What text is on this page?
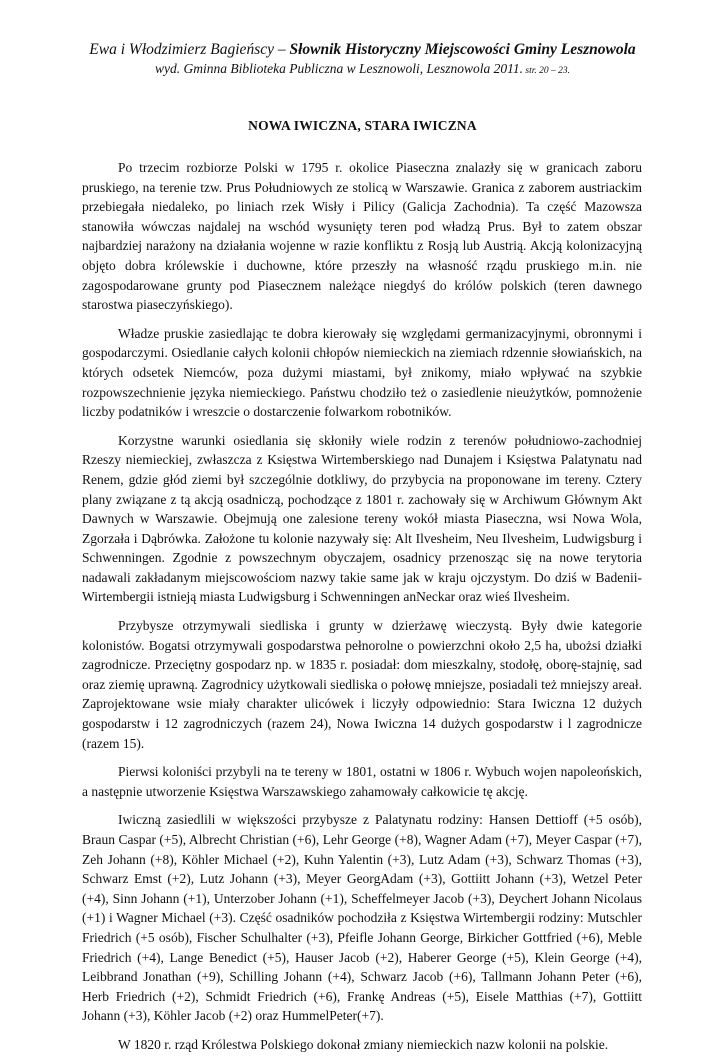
Ewa i Włodzimierz Bagieńscy – Słownik Historyczny Miejscowości Gminy Lesznowola
wyd. Gminna Biblioteka Publiczna w Lesznowoli, Lesznowola 2011. str. 20 – 23.
NOWA IWICZNA, STARA IWICZNA

Po trzecim rozbiorze Polski w 1795 r. okolice Piaseczna znalazły się w granicach zaboru pruskiego, na terenie tzw. Prus Południowych ze stolicą w Warszawie. Granica z zaborem austriackim przebiegała niedaleko, po liniach rzek Wisły i Pilicy (Galicja Zachodnia). Ta część Mazowsza stanowiła wówczas najdalej na wschód wysunięty teren pod władzą Prus. Był to zatem obszar najbardziej narażony na działania wojenne w razie konfliktu z Rosją lub Austrią. Akcją kolonizacyjną objęto dobra królewskie i duchowne, które przeszły na własność rządu pruskiego m.in. nie zagospodarowane grunty pod Piasecznem należące niegdyś do królów polskich (teren dawnego starostwa piaseczyńskiego).

Władze pruskie zasiedlając te dobra kierowały się względami germanizacyjnymi, obronnymi i gospodarczymi. Osiedlanie całych kolonii chłopów niemieckich na ziemiach rdzennie słowiańskich, na których odsetek Niemców, poza dużymi miastami, był znikomy, miało wpływać na szybkie rozpowszechnienie języka niemieckiego. Państwu chodziło też o zasiedlenie nieużytków, pomnożenie liczby podatników i wreszcie o dostarczenie folwarkom robotników.

Korzystne warunki osiedlania się skłoniły wiele rodzin z terenów południowo-zachodniej Rzeszy niemieckiej, zwłaszcza z Księstwa Wirtemberskiego nad Dunajem i Księstwa Palatynatu nad Renem, gdzie głód ziemi był szczególnie dotkliwy, do przybycia na proponowane im tereny. Cztery plany związane z tą akcją osadniczą, pochodzące z 1801 r. zachowały się w Archiwum Głównym Akt Dawnych w Warszawie. Obejmują one zalesione tereny wokół miasta Piaseczna, wsi Nowa Wola, Zgorzała i Dąbrówka. Założone tu kolonie nazywały się: Alt Ilvesheim, Neu Ilvesheim, Ludwigsburg i Schwenningen. Zgodnie z powszechnym obyczajem, osadnicy przenosząc się na nowe terytoria nadawali zakładanym miejscowościom nazwy takie same jak w kraju ojczystym. Do dziś w Badenii-Wirtembergii istnieją miasta Ludwigsburg i Schwenningen anNeckar oraz wieś Ilvesheim.

Przybysze otrzymywali siedliska i grunty w dzierżawę wieczystą. Były dwie kategorie kolonistów. Bogatsi otrzymywali gospodarstwa pełnorolne o powierzchni około 2,5 ha, ubożsi działki zagrodnicze. Przeciętny gospodarz np. w 1835 r. posiadał: dom mieszkalny, stodołę, oborę-stajnię, sad oraz ziemię uprawną. Zagrodnicy użytkowali siedliska o połowę mniejsze, posiadali też mniejszy areał. Zaprojektowane wsie miały charakter ulicówek i liczyły odpowiednio: Stara Iwiczna 12 dużych gospodarstw i 12 zagrodniczych (razem 24), Nowa Iwiczna 14 dużych gospodarstw i l zagrodnicze (razem 15).

Pierwsi koloniści przybyli na te tereny w 1801, ostatni w 1806 r. Wybuch wojen napoleońskich, a następnie utworzenie Księstwa Warszawskiego zahamowały całkowicie tę akcję.

Iwiczną zasiedlili w większości przybysze z Palatynatu rodziny: Hansen Dettioff (+5 osób), Braun Caspar (+5), Albrecht Christian (+6), Lehr George (+8), Wagner Adam (+7), Meyer Caspar (+7), Zeh Johann (+8), Köhler Michael (+2), Kuhn Yalentin (+3), Lutz Adam (+3), Schwarz Thomas (+3), Schwarz Emst (+2), Lutz Johann (+3), Meyer GeorgAdam (+3), Gottiitt Johann (+3), Wetzel Peter (+4), Sinn Johann (+1), Unterzober Johann (+1), Scheffelmeyer Jacob (+3), Deychert Johann Nicolaus (+1) i Wagner Michael (+3). Część osadników pochodziła z Księstwa Wirtembergii rodziny: Mutschler Friedrich (+5 osób), Fischer Schulhalter (+3), Pfeifle Johann George, Birkicher Gottfried (+6), Meble Friedrich (+4), Lange Benedict (+5), Hauser Jacob (+2), Haberer George (+5), Klein George (+4), Leibbrand Jonathan (+9), Schilling Johann (+4), Schwarz Jacob (+6), Tallmann Johann Peter (+6), Herb Friedrich (+2), Schmidt Friedrich (+6), Frankę Andreas (+5), Eisele Matthias (+7), Gottiitt Johann (+3), Köhler Jacob (+2) oraz HummelPeter(+7).

W 1820 r. rząd Królestwa Polskiego dokonał zmiany niemieckich nazw kolonii na polskie.
